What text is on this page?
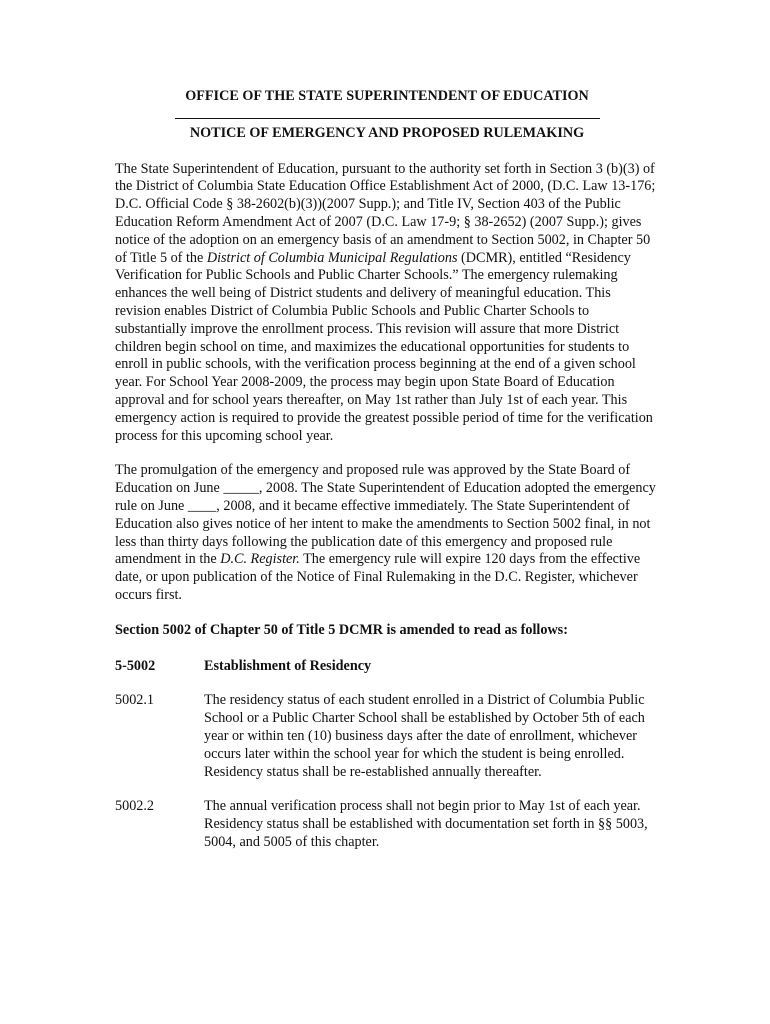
OFFICE OF THE STATE SUPERINTENDENT OF EDUCATION
NOTICE OF EMERGENCY AND PROPOSED RULEMAKING

The State Superintendent of Education, pursuant to the authority set forth in Section 3 (b)(3) of the District of Columbia State Education Office Establishment Act of 2000, (D.C. Law 13-176; D.C. Official Code § 38-2602(b)(3))(2007 Supp.); and Title IV, Section 403 of the Public Education Reform Amendment Act of 2007 (D.C. Law 17-9; § 38-2652) (2007 Supp.); gives notice of the adoption on an emergency basis of an amendment to Section 5002, in Chapter 50 of Title 5 of the District of Columbia Municipal Regulations (DCMR), entitled “Residency Verification for Public Schools and Public Charter Schools.” The emergency rulemaking enhances the well being of District students and delivery of meaningful education. This revision enables District of Columbia Public Schools and Public Charter Schools to substantially improve the enrollment process. This revision will assure that more District children begin school on time, and maximizes the educational opportunities for students to enroll in public schools, with the verification process beginning at the end of a given school year. For School Year 2008-2009, the process may begin upon State Board of Education approval and for school years thereafter, on May 1st rather than July 1st of each year. This emergency action is required to provide the greatest possible period of time for the verification process for this upcoming school year.

The promulgation of the emergency and proposed rule was approved by the State Board of Education on June _____, 2008. The State Superintendent of Education adopted the emergency rule on June ____, 2008, and it became effective immediately. The State Superintendent of Education also gives notice of her intent to make the amendments to Section 5002 final, in not less than thirty days following the publication date of this emergency and proposed rule amendment in the D.C. Register. The emergency rule will expire 120 days from the effective date, or upon publication of the Notice of Final Rulemaking in the D.C. Register, whichever occurs first.

Section 5002 of Chapter 50 of Title 5 DCMR is amended to read as follows:
5-5002	Establishment of Residency
5002.1	The residency status of each student enrolled in a District of Columbia Public School or a Public Charter School shall be established by October 5th of each year or within ten (10) business days after the date of enrollment, whichever occurs later within the school year for which the student is being enrolled. Residency status shall be re-established annually thereafter.
5002.2	The annual verification process shall not begin prior to May 1st of each year. Residency status shall be established with documentation set forth in §§ 5003, 5004, and 5005 of this chapter.
